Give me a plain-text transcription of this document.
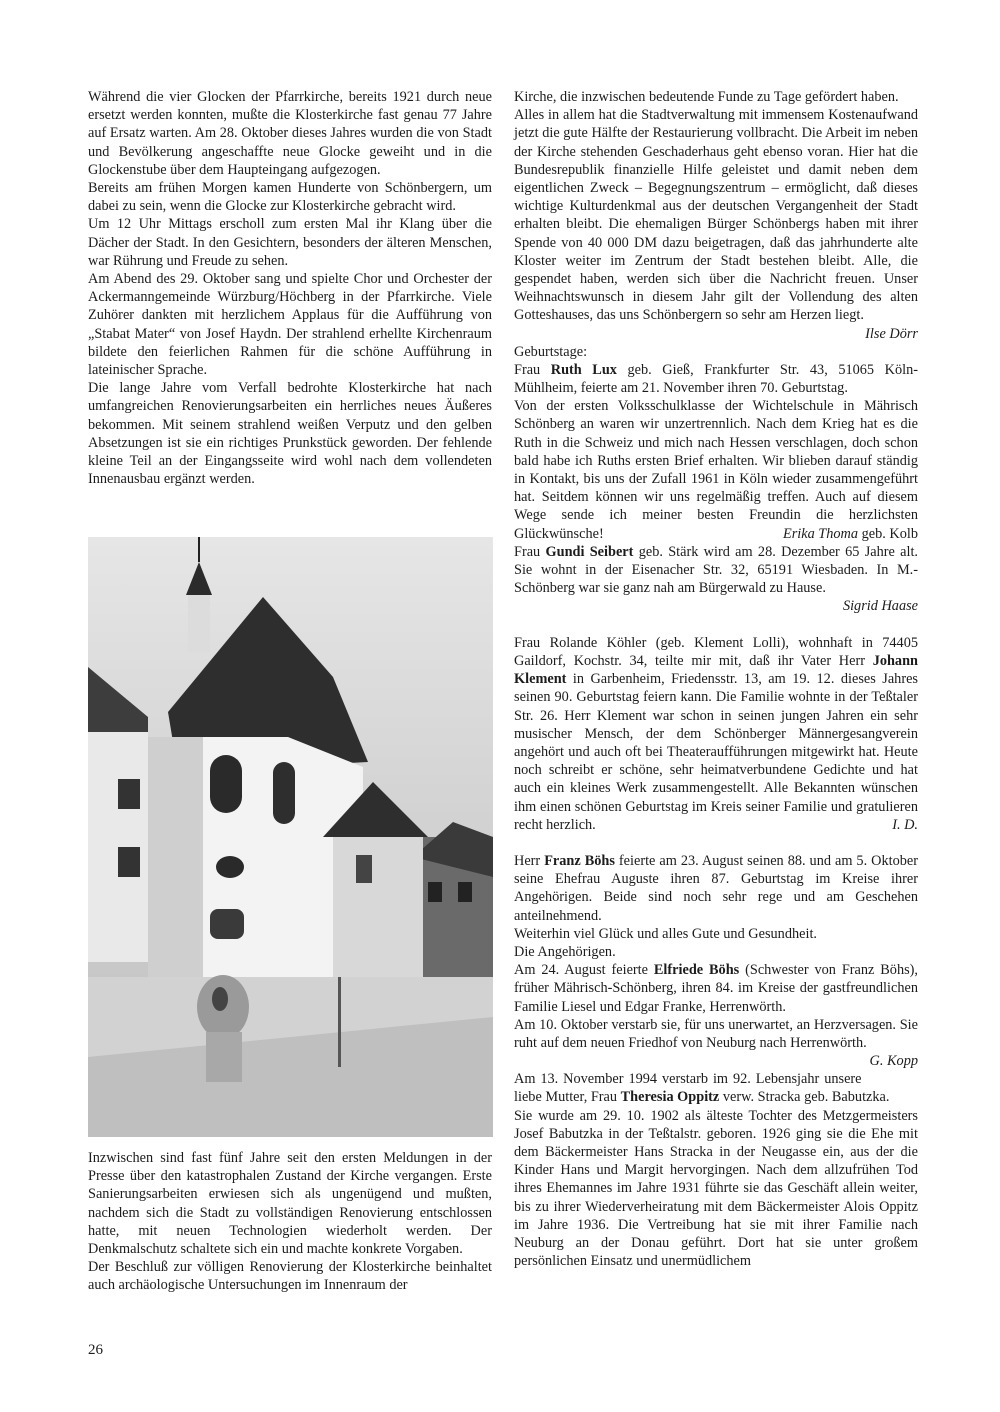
Während die vier Glocken der Pfarrkirche, bereits 1921 durch neue ersetzt werden konnten, mußte die Klosterkirche fast genau 77 Jahre auf Ersatz warten. Am 28. Oktober dieses Jahres wurden die von Stadt und Bevölkerung angeschaffte neue Glocke geweiht und in die Glockenstube über dem Haupteingang aufgezogen.

Bereits am frühen Morgen kamen Hunderte von Schönbergern, um dabei zu sein, wenn die Glocke zur Klosterkirche gebracht wird.

Um 12 Uhr Mittags erscholl zum ersten Mal ihr Klang über die Dächer der Stadt. In den Gesichtern, besonders der älteren Menschen, war Rührung und Freude zu sehen.

Am Abend des 29. Oktober sang und spielte Chor und Orchester der Ackermanngemeinde Würzburg/Höchberg in der Pfarrkirche. Viele Zuhörer dankten mit herzlichem Applaus für die Aufführung von „Stabat Mater“ von Josef Haydn. Der strahlend erhellte Kirchenraum bildete den feierlichen Rahmen für die schöne Aufführung in lateinischer Sprache.

Die lange Jahre vom Verfall bedrohte Klosterkirche hat nach umfangreichen Renovierungsarbeiten ein herrliches neues Äußeres bekommen. Mit seinem strahlend weißen Verputz und den gelben Absetzungen ist sie ein richtiges Prunkstück geworden. Der fehlende kleine Teil an der Eingangsseite wird wohl nach dem vollendeten Innenausbau ergänzt werden.

Inzwischen sind fast fünf Jahre seit den ersten Meldungen in der Presse über den katastrophalen Zustand der Kirche vergangen. Erste Sanierungsarbeiten erwiesen sich als ungenügend und mußten, nachdem sich die Stadt zu vollständigen Renovierung entschlossen hatte, mit neuen Technologien wiederholt werden. Der Denkmalschutz schaltete sich ein und machte konkrete Vorgaben.

Der Beschluß zur völligen Renovierung der Klosterkirche beinhaltet auch archäologische Untersuchungen im Innenraum der

Kirche, die inzwischen bedeutende Funde zu Tage gefördert haben.

Alles in allem hat die Stadtverwaltung mit immensem Kostenaufwand jetzt die gute Hälfte der Restaurierung vollbracht. Die Arbeit im neben der Kirche stehenden Geschaderhaus geht ebenso voran. Hier hat die Bundesrepublik finanzielle Hilfe geleistet und damit neben dem eigentlichen Zweck – Begegnungszentrum – ermöglicht, daß dieses wichtige Kulturdenkmal aus der deutschen Vergangenheit der Stadt erhalten bleibt. Die ehemaligen Bürger Schönbergs haben mit ihrer Spende von 40 000 DM dazu beigetragen, daß das jahrhunderte alte Kloster weiter im Zentrum der Stadt bestehen bleibt. Alle, die gespendet haben, werden sich über die Nachricht freuen. Unser Weihnachtswunsch in diesem Jahr gilt der Vollendung des alten Gotteshauses, das uns Schönbergern so sehr am Herzen liegt.
Ilse Dörr

Geburtstage:

Frau Ruth Lux geb. Gieß, Frankfurter Str. 43, 51065 Köln-Mühlheim, feierte am 21. November ihren 70. Geburtstag.

Von der ersten Volksschulklasse der Wichtelschule in Mährisch Schönberg an waren wir unzertrennlich. Nach dem Krieg hat es die Ruth in die Schweiz und mich nach Hessen verschlagen, doch schon bald habe ich Ruths ersten Brief erhalten. Wir blieben darauf ständig in Kontakt, bis uns der Zufall 1961 in Köln wieder zusammengeführt hat. Seitdem können wir uns regelmäßig treffen. Auch auf diesem Wege sende ich meiner besten Freundin die herzlichsten Glückwünsche!	Erika Thoma geb. Kolb

Frau Gundi Seibert geb. Stärk wird am 28. Dezember 65 Jahre alt. Sie wohnt in der Eisenacher Str. 32, 65191 Wiesbaden. In M.-Schönberg war sie ganz nah am Bürgerwald zu Hause.

Sigrid Haase

Frau Rolande Köhler (geb. Klement Lolli), wohnhaft in 74405 Gaildorf, Kochstr. 34, teilte mir mit, daß ihr Vater Herr Johann Klement in Garbenheim, Friedensstr. 13, am 19. 12. dieses Jahres seinen 90. Geburtstag feiern kann. Die Familie wohnte in der Teßtaler Str. 26. Herr Klement war schon in seinen jungen Jahren ein sehr musischer Mensch, der dem Schönberger Männergesangverein angehört und auch oft bei Theateraufführungen mitgewirkt hat. Heute noch schreibt er schöne, sehr heimatverbundene Gedichte und hat auch ein kleines Werk zusammengestellt. Alle Bekannten wünschen ihm einen schönen Geburtstag im Kreis seiner Familie und gratulieren recht herzlich.	I. D.

Herr Franz Böhs feierte am 23. August seinen 88. und am 5. Oktober seine Ehefrau Auguste ihren 87. Geburtstag im Kreise ihrer Angehörigen. Beide sind noch sehr rege und am Geschehen anteilnehmend.

Weiterhin viel Glück und alles Gute und Gesundheit.

Die Angehörigen.

Am 24. August feierte Elfriede Böhs (Schwester von Franz Böhs), früher Mährisch-Schönberg, ihren 84. im Kreise der gastfreundlichen Familie Liesel und Edgar Franke, Herrenwörth.

Am 10. Oktober verstarb sie, für uns unerwartet, an Herzversagen. Sie ruht auf dem neuen Friedhof von Neuburg nach Herrenwörth.
G. Kopp

Am 13. November 1994 verstarb im 92. Lebensjahr unsere liebe Mutter, Frau Theresia Oppitz verw. Stracka geb. Babutzka.

Sie wurde am 29. 10. 1902 als älteste Tochter des Metzgermeisters Josef Babutzka in der Teßtalstr. geboren. 1926 ging sie die Ehe mit dem Bäckermeister Hans Stracka in der Neugasse ein, aus der die Kinder Hans und Margit hervorgingen. Nach dem allzufrühen Tod ihres Ehemannes im Jahre 1931 führte sie das Geschäft allein weiter, bis zu ihrer Wiederverheiratung mit dem Bäckermeister Alois Oppitz im Jahre 1936. Die Vertreibung hat sie mit ihrer Familie nach Neuburg an der Donau geführt. Dort hat sie unter großem persönlichen Einsatz und unermüdlichem

26
